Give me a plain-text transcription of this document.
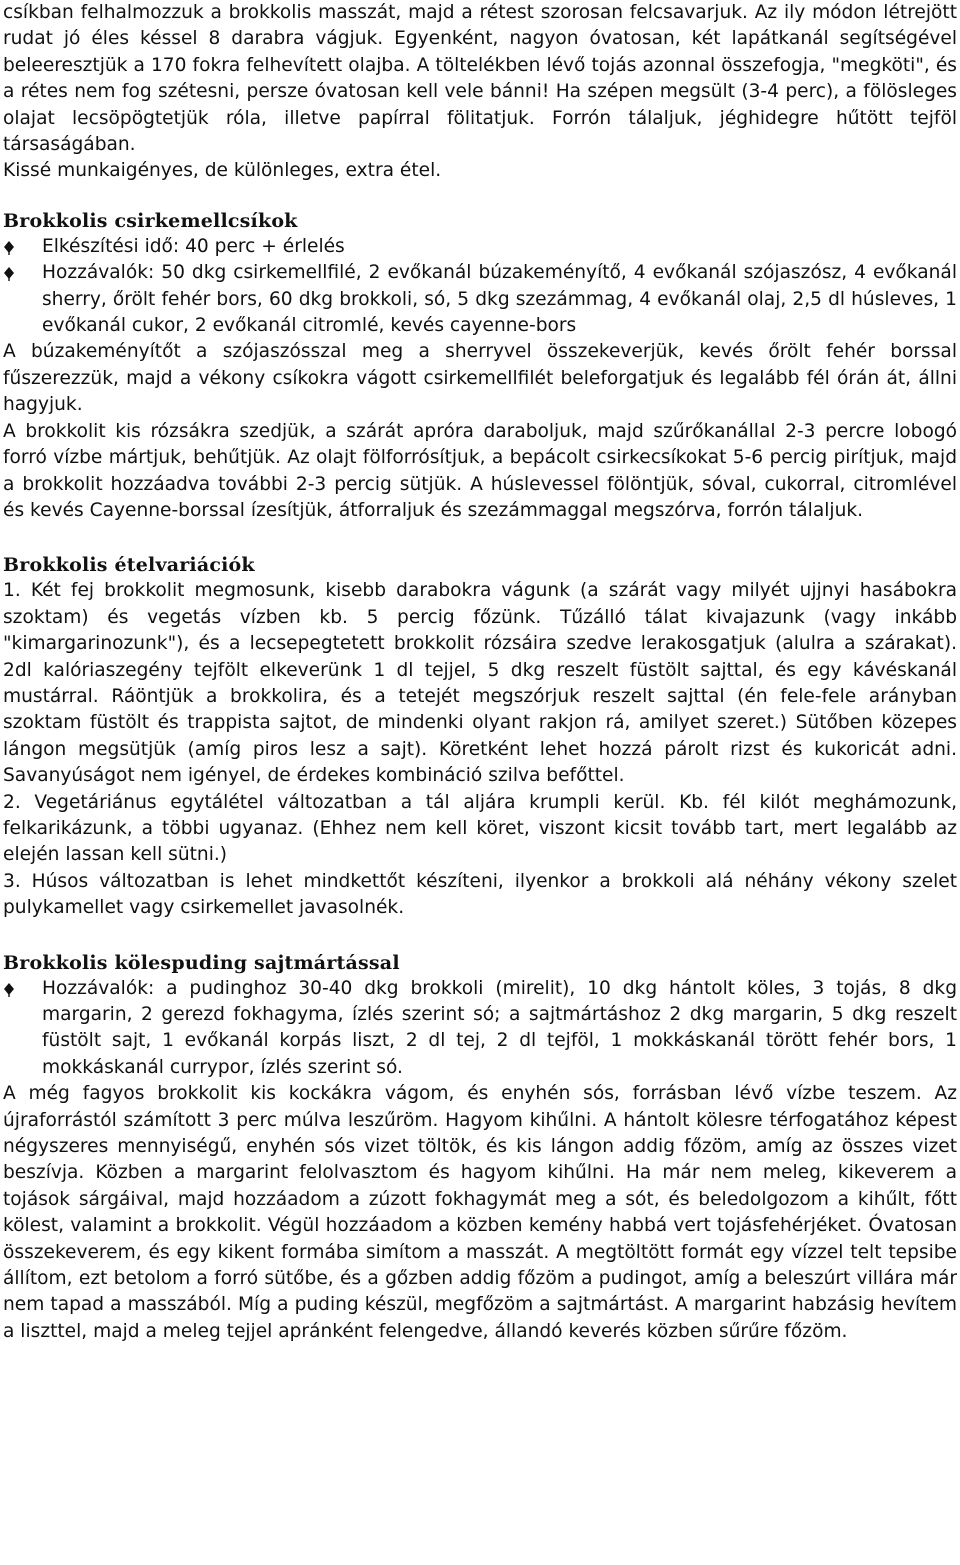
csíkban felhalmozzuk a brokkolis masszát, majd a rétest szorosan felcsavarjuk. Az ily módon létrejött rudat jó éles késsel 8 darabra vágjuk. Egyenként, nagyon óvatosan, két lapátkanál segítségével beleeresztjük a 170 fokra felhevített olajba. A töltelékben lévő tojás azonnal összefogja, "megköti", és a rétes nem fog szétesni, persze óvatosan kell vele bánni! Ha szépen megsült (3-4 perc), a fölösleges olajat lecsöpögtetjük róla, illetve papírral fölitatjuk. Forrón tálaljuk, jéghidegre hűtött tejföl társaságában.

Kissé munkaigényes, de különleges, extra étel.

Brokkolis csirkemellcsíkok
Elkészítési idő: 40 perc + érlelés
Hozzávalók: 50 dkg csirkemellfilé, 2 evőkanál búzakeményítő, 4 evőkanál szójaszósz, 4 evőkanál sherry, őrölt fehér bors, 60 dkg brokkoli, só, 5 dkg szezámmag, 4 evőkanál olaj, 2,5 dl húsleves, 1 evőkanál cukor, 2 evőkanál citromlé, kevés cayenne-bors

A búzakeményítőt a szójaszósszal meg a sherryvel összekeverjük, kevés őrölt fehér borssal fűszerezzük, majd a vékony csíkokra vágott csirkemellfilét beleforgatjuk és legalább fél órán át, állni hagyjuk.

A brokkolit kis rózsákra szedjük, a szárát apróra daraboljuk, majd szűrőkanállal 2-3 percre lobogó forró vízbe mártjuk, behűtjük. Az olajt fölforrósítjuk, a bepácolt csirkecsíkokat 5-6 percig pirítjuk, majd a brokkolit hozzáadva további 2-3 percig sütjük. A húslevessel fölöntjük, sóval, cukorral, citromlével és kevés Cayenne-borssal ízesítjük, átforraljuk és szezámmaggal megszórva, forrón tálaljuk.

Brokkolis ételvariációk

1. Két fej brokkolit megmosunk, kisebb darabokra vágunk (a szárát vagy milyét ujjnyi hasábokra szoktam) és vegetás vízben kb. 5 percig főzünk. Tűzálló tálat kivajazunk (vagy inkább "kimargarinozunk"), és a lecsepegtetett brokkolit rózsáira szedve lerakosgatjuk (alulra a szárakat). 2dl kalóriaszegény tejfölt elkeverünk 1 dl tejjel, 5 dkg reszelt füstölt sajttal, és egy kávéskanál mustárral. Ráöntjük a brokkolira, és a tetejét megszórjuk reszelt sajttal (én fele-fele arányban szoktam füstölt és trappista sajtot, de mindenki olyant rakjon rá, amilyet szeret.) Sütőben közepes lángon megsütjük (amíg piros lesz a sajt). Köretként lehet hozzá párolt rizst és kukoricát adni. Savanyúságot nem igényel, de érdekes kombináció szilva befőttel.

2. Vegetáriánus egytálétel változatban a tál aljára krumpli kerül. Kb. fél kilót meghámozunk, felkarikázunk, a többi ugyanaz. (Ehhez nem kell köret, viszont kicsit tovább tart, mert legalább az elején lassan kell sütni.)

3. Húsos változatban is lehet mindkettőt készíteni, ilyenkor a brokkoli alá néhány vékony szelet pulykamellet vagy csirkemellet javasolnék.

Brokkolis kölespuding sajtmártással
Hozzávalók: a pudinghoz 30-40 dkg brokkoli (mirelit), 10 dkg hántolt köles, 3 tojás, 8 dkg margarin, 2 gerezd fokhagyma, ízlés szerint só; a sajtmártáshoz 2 dkg margarin, 5 dkg reszelt füstölt sajt, 1 evőkanál korpás liszt, 2 dl tej, 2 dl tejföl, 1 mokkáskanál törött fehér bors, 1 mokkáskanál currypor, ízlés szerint só.

A még fagyos brokkolit kis kockákra vágom, és enyhén sós, forrásban lévő vízbe teszem. Az újraforrástól számított 3 perc múlva leszűröm. Hagyom kihűlni. A hántolt kölesre térfogatához képest négyszeres mennyiségű, enyhén sós vizet töltök, és kis lángon addig főzöm, amíg az összes vizet beszívja. Közben a margarint felolvasztom és hagyom kihűlni. Ha már nem meleg, kikeverem a tojások sárgáival, majd hozzáadom a zúzott fokhagymát meg a sót, és beledolgozom a kihűlt, főtt kölest, valamint a brokkolit. Végül hozzáadom a közben kemény habbá vert tojásfehérjéket. Óvatosan összekeverem, és egy kikent formába simítom a masszát. A megtöltött formát egy vízzel telt tepsibe állítom, ezt betolom a forró sütőbe, és a gőzben addig főzöm a pudingot, amíg a beleszúrt villára már nem tapad a masszából. Míg a puding készül, megfőzöm a sajtmártást. A margarint habzásig hevítem a liszttel, majd a meleg tejjel apránként felengedve, állandó keverés közben sűrűre főzöm.
